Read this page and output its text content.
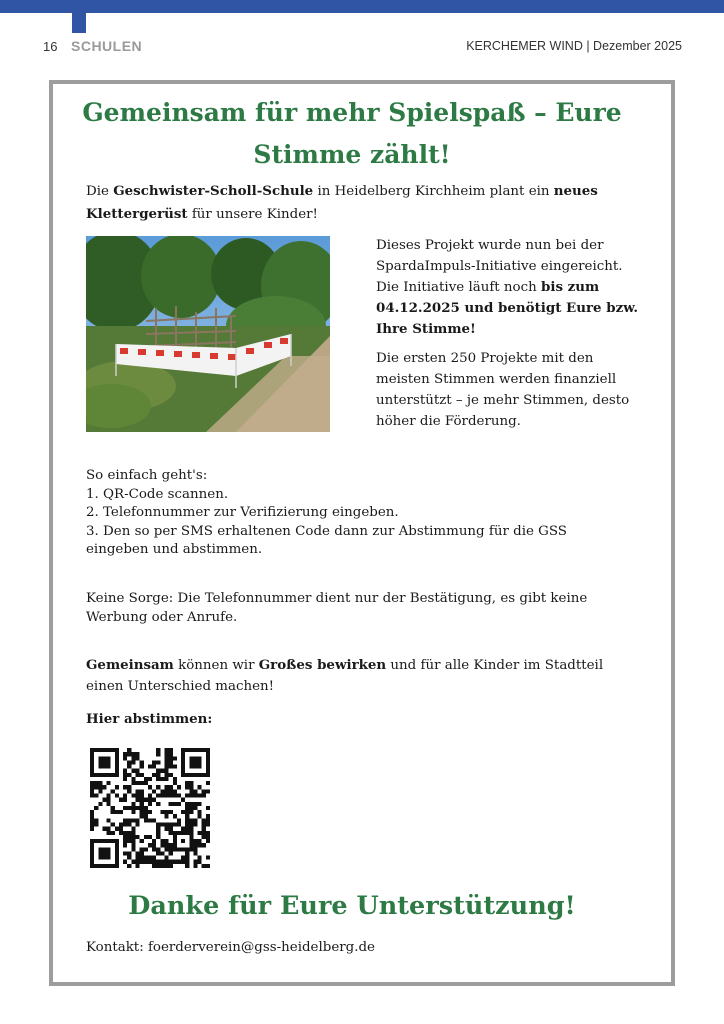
16 SCHULEN	KERCHEMER WIND | Dezember 2025
Gemeinsam für mehr Spielspaß – Eure Stimme zählt!
Die Geschwister-Scholl-Schule in Heidelberg Kirchheim plant ein neues Klettergerüst für unsere Kinder!

Dieses Projekt wurde nun bei der SpardaImpuls-Initiative eingereicht. Die Initiative läuft noch bis zum 04.12.2025 und benötigt Eure bzw. Ihre Stimme!

Die ersten 250 Projekte mit den meisten Stimmen werden finanziell unterstützt – je mehr Stimmen, desto höher die Förderung.

So einfach geht's:
1. QR-Code scannen.
2. Telefonnummer zur Verifizierung eingeben.
3. Den so per SMS erhaltenen Code dann zur Abstimmung für die GSS eingeben und abstimmen.
Keine Sorge: Die Telefonnummer dient nur der Bestätigung, es gibt keine Werbung oder Anrufe.
Gemeinsam können wir Großes bewirken und für alle Kinder im Stadtteil einen Unterschied machen!
Hier abstimmen:
Danke für Eure Unterstützung!
Kontakt: foerderverein@gss-heidelberg.de
